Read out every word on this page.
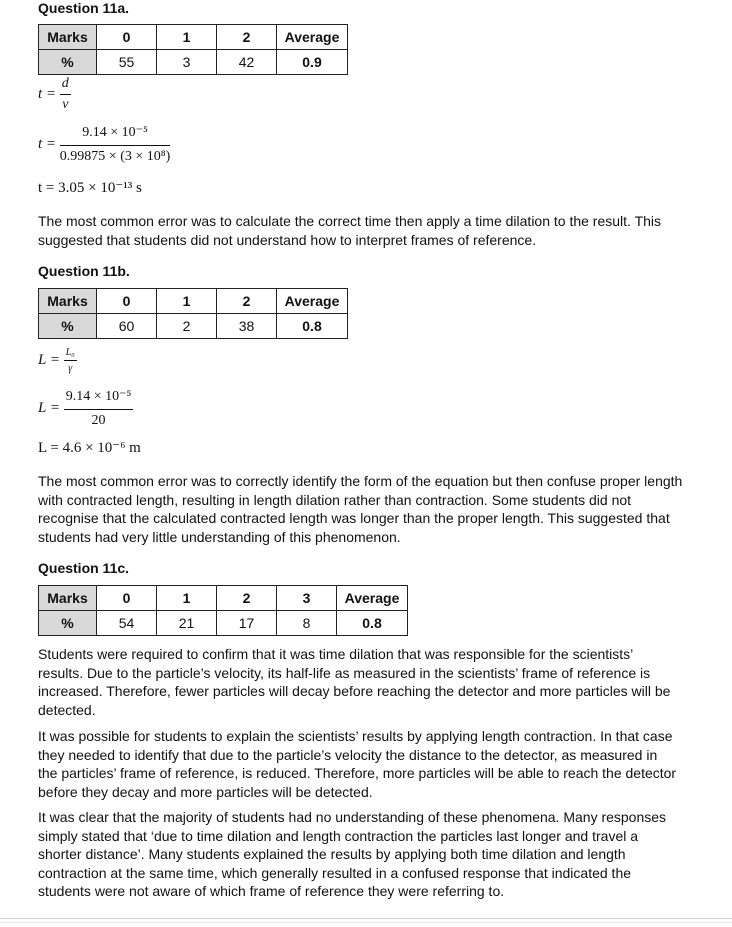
Question 11a.
Marks	0	1	2	Average
%	55	3	42	0.9
$t = \frac{d}{v}$
$t = \frac{\text{9.14 × 10⁻⁵}}{\text{0.99875 × (3 × 10⁸)}}$
t = 3.05 × 10⁻¹³ s
The most common error was to calculate the correct time then apply a time dilation to the result. This suggested that students did not understand how to interpret frames of reference.
Question 11b.
Marks	0	1	2	Average
%	60	2	38	0.8
$L = \frac{\text{L₀}}{\gamma}$
$L = \frac{\text{9.14 × 10⁻⁵}}{20}$
L = 4.6 × 10⁻⁶ m
The most common error was to correctly identify the form of the equation but then confuse proper length with contracted length, resulting in length dilation rather than contraction. Some students did not recognise that the calculated contracted length was longer than the proper length. This suggested that students had very little understanding of this phenomenon.
Question 11c.
Marks	0	1	2	3	Average
%	54	21	17	8	0.8
Students were required to confirm that it was time dilation that was responsible for the scientists’ results. Due to the particle’s velocity, its half-life as measured in the scientists’ frame of reference is increased. Therefore, fewer particles will decay before reaching the detector and more particles will be detected.
It was possible for students to explain the scientists’ results by applying length contraction. In that case they needed to identify that due to the particle’s velocity the distance to the detector, as measured in the particles’ frame of reference, is reduced. Therefore, more particles will be able to reach the detector before they decay and more particles will be detected.
It was clear that the majority of students had no understanding of these phenomena. Many responses simply stated that ‘due to time dilation and length contraction the particles last longer and travel a shorter distance’. Many students explained the results by applying both time dilation and length contraction at the same time, which generally resulted in a confused response that indicated the students were not aware of which frame of reference they were referring to.
